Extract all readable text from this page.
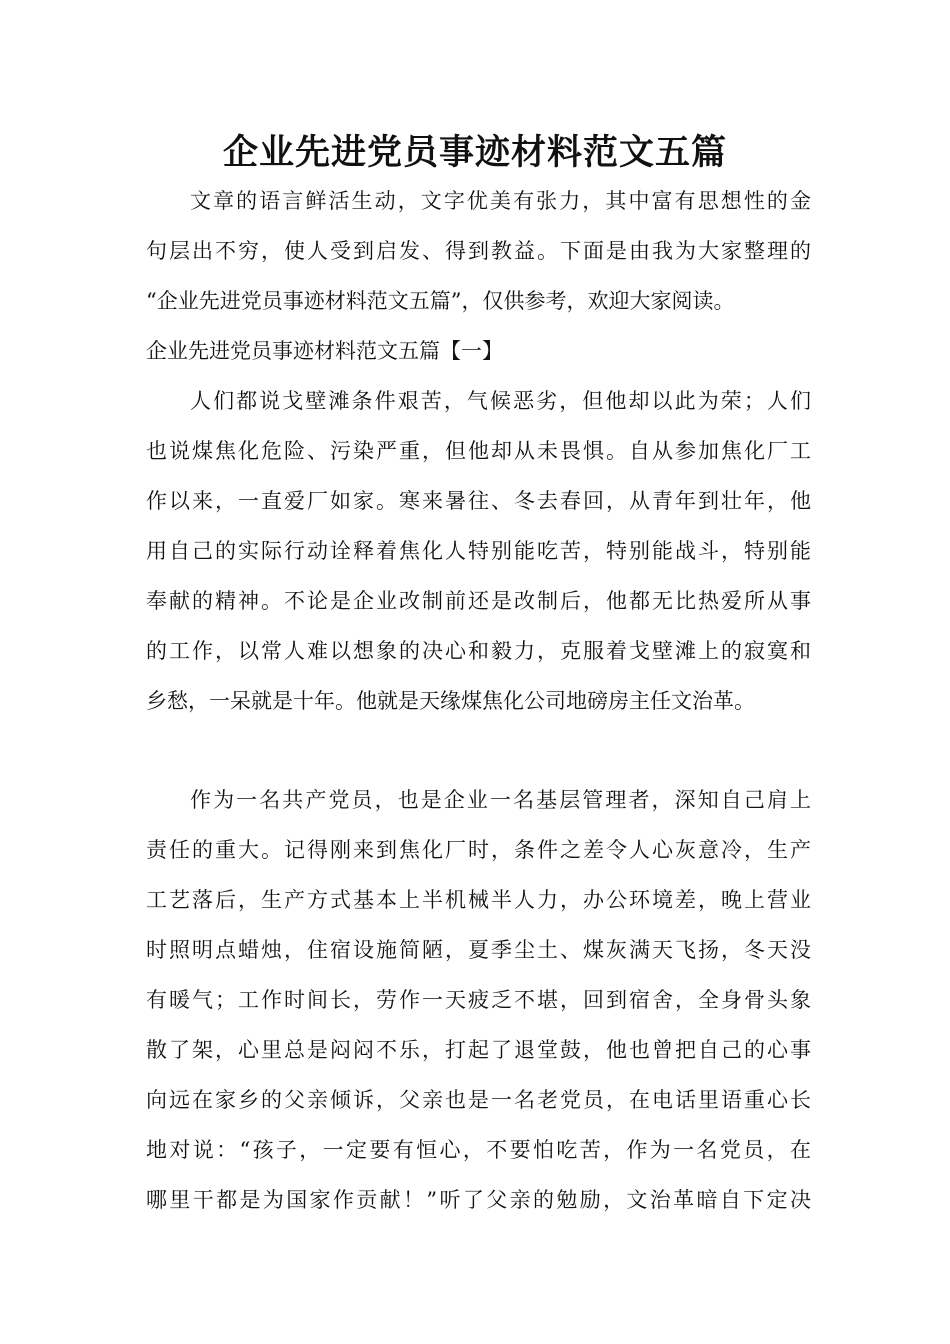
企业先进党员事迹材料范文五篇
文章的语言鲜活生动，文字优美有张力，其中富有思想性的金
句层出不穷，使人受到启发、得到教益。下面是由我为大家整理的
“企业先进党员事迹材料范文五篇”，仅供参考，欢迎大家阅读。
企业先进党员事迹材料范文五篇【一】
人们都说戈壁滩条件艰苦，气候恶劣，但他却以此为荣；人们
也说煤焦化危险、污染严重，但他却从未畏惧。自从参加焦化厂工
作以来，一直爱厂如家。寒来暑往、冬去春回，从青年到壮年，他
用自己的实际行动诠释着焦化人特别能吃苦，特别能战斗，特别能
奉献的精神。不论是企业改制前还是改制后，他都无比热爱所从事
的工作，以常人难以想象的决心和毅力，克服着戈壁滩上的寂寞和
乡愁，一呆就是十年。他就是天缘煤焦化公司地磅房主任文治革。
作为一名共产党员，也是企业一名基层管理者，深知自己肩上
责任的重大。记得刚来到焦化厂时，条件之差令人心灰意冷，生产
工艺落后，生产方式基本上半机械半人力，办公环境差，晚上营业
时照明点蜡烛，住宿设施简陋，夏季尘土、煤灰满天飞扬，冬天没
有暖气；工作时间长，劳作一天疲乏不堪，回到宿舍，全身骨头象
散了架，心里总是闷闷不乐，打起了退堂鼓，他也曾把自己的心事
向远在家乡的父亲倾诉，父亲也是一名老党员，在电话里语重心长
地对说：“孩子，一定要有恒心，不要怕吃苦，作为一名党员，在
哪里干都是为国家作贡献！”听了父亲的勉励，文治革暗自下定决
